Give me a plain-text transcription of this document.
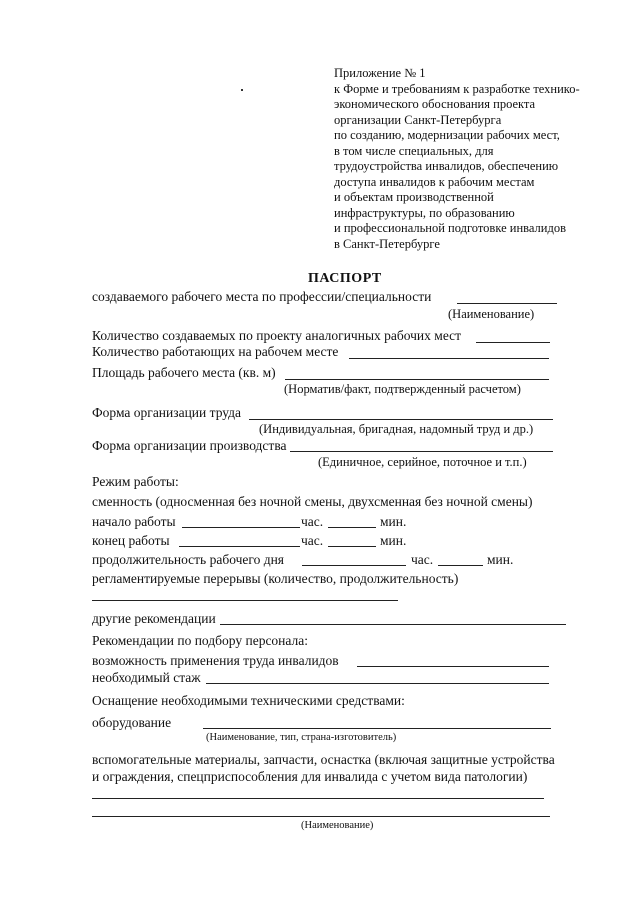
Приложение № 1
к Форме и требованиям к разработке технико-
экономического обоснования проекта
организации Санкт-Петербурга
по созданию, модернизации рабочих мест,
в том числе специальных, для
трудоустройства инвалидов, обеспечению
доступа инвалидов к рабочим местам
и объектам производственной
инфраструктуры, по образованию
и профессиональной подготовке инвалидов
в Санкт-Петербурге
ПАСПОРТ
создаваемого рабочего места по профессии/специальности
(Наименование)
Количество создаваемых по проекту аналогичных рабочих мест
Количество работающих на рабочем месте
Площадь рабочего места (кв. м)
(Норматив/факт, подтвержденный расчетом)
Форма организации труда
(Индивидуальная, бригадная, надомный труд и др.)
Форма организации производства
(Единичное, серийное, поточное и т.п.)
Режим работы:
сменность (односменная без ночной смены, двухсменная без ночной смены)
начало работы	час.	мин.
конец работы	час.	мин.
продолжительность рабочего дня	час.	мин.
регламентируемые перерывы (количество, продолжительность)
другие рекомендации
Рекомендации по подбору персонала:
возможность применения труда инвалидов
необходимый стаж
Оснащение необходимыми техническими средствами:
оборудование
(Наименование, тип, страна-изготовитель)
вспомогательные материалы, запчасти, оснастка (включая защитные устройства
и ограждения, спецприспособления для инвалида с учетом вида патологии)
(Наименование)
